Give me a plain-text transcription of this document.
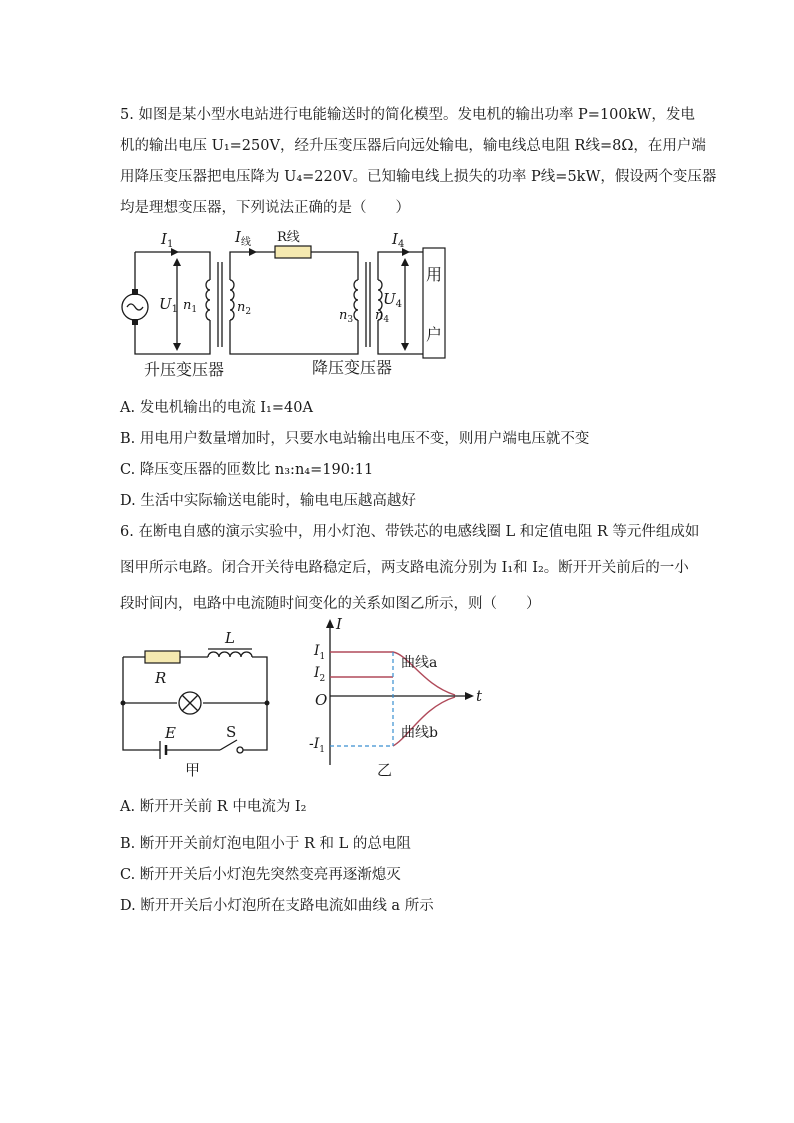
5. 如图是某小型水电站进行电能输送时的简化模型。发电机的输出功率 P=100kW，发电
机的输出电压 U₁=250V，经升压变压器后向远处输电，输电线总电阻 R线=8Ω，在用户端
用降压变压器把电压降为 U₄=220V。已知输电线上损失的功率 P线=5kW，假设两个变压器
均是理想变压器，下列说法正确的是（　　）
$I_1$	$I_线$ R线	$I_4$
$U_1$ $n_1$	$n_2$	$n_3$ $n_4$
$U_4$
用
户
升压变压器	降压变压器
A. 发电机输出的电流 I₁=40A
B. 用电用户数量增加时，只要水电站输出电压不变，则用户端电压就不变
C. 降压变压器的匝数比 n₃:n₄=190:11
D. 生活中实际输送电能时，输电电压越高越好
6. 在断电自感的演示实验中，用小灯泡、带铁芯的电感线圈 L 和定值电阻 R 等元件组成如
图甲所示电路。闭合开关待电路稳定后，两支路电流分别为 I₁和 I₂。断开开关前后的一小
段时间内，电路中电流随时间变化的关系如图乙所示，则（　　）
R
L
E	S
甲
I
t
$I_1$
$I_2$
O
$-I_1$
曲线a
曲线b
乙
A. 断开开关前 R 中电流为 I₂
B. 断开开关前灯泡电阻小于 R 和 L 的总电阻
C. 断开开关后小灯泡先突然变亮再逐渐熄灭
D. 断开开关后小灯泡所在支路电流如曲线 a 所示
